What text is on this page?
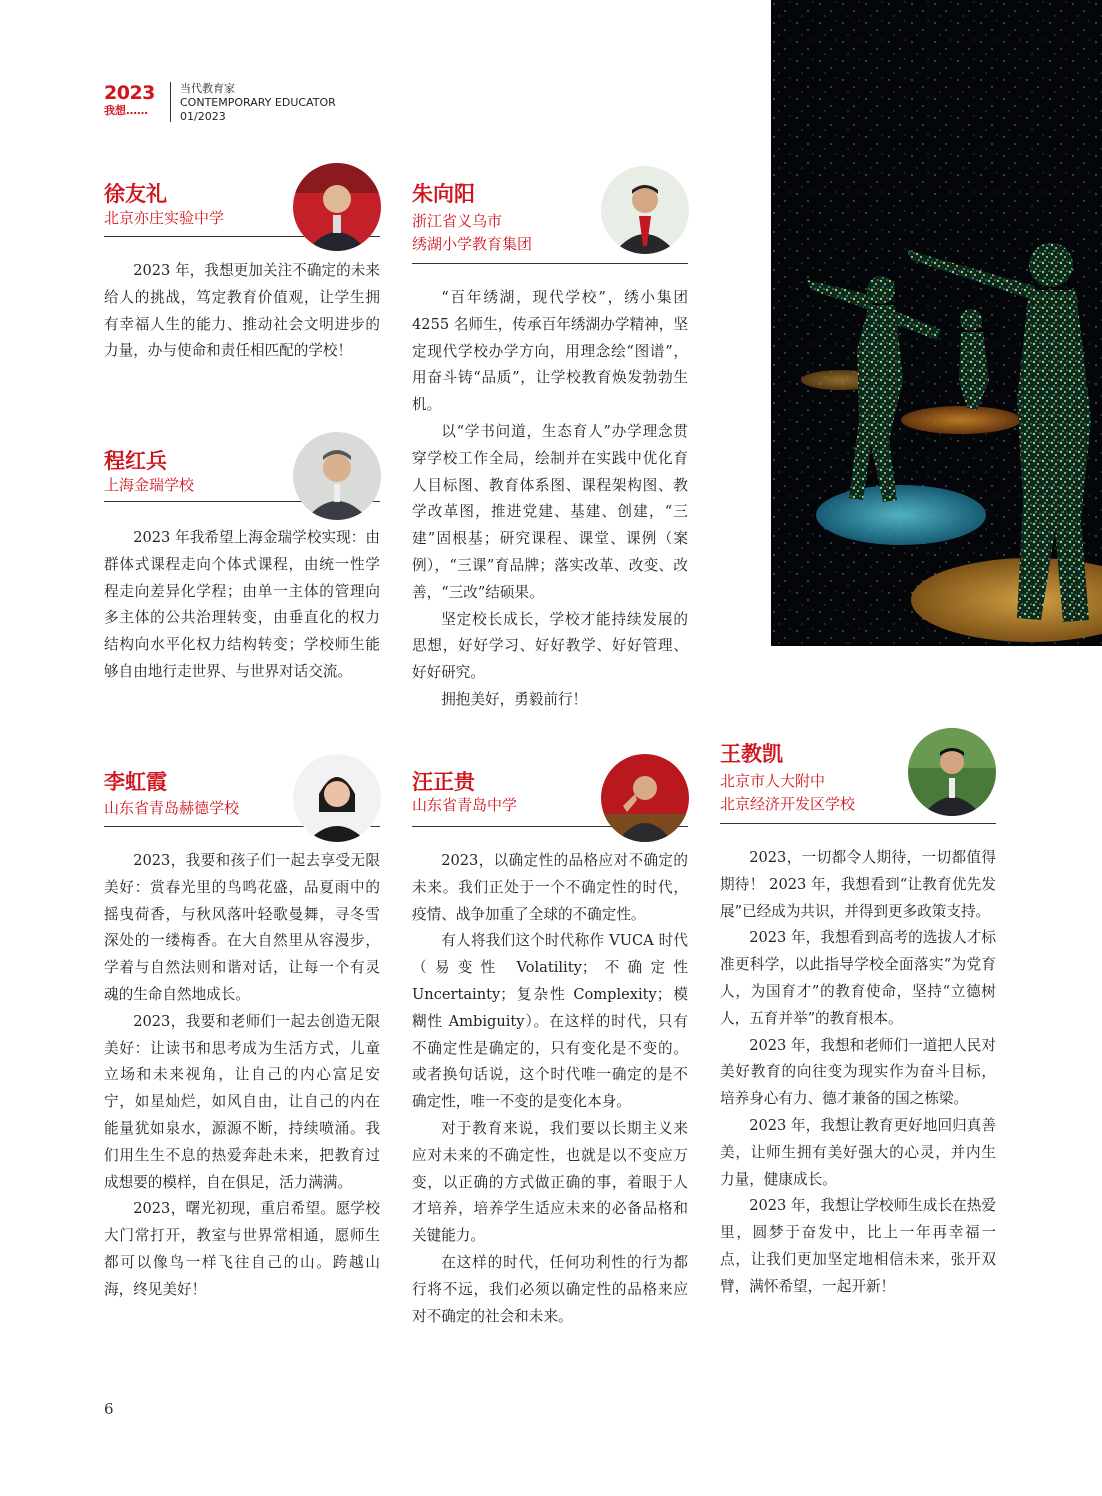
2023
我想……
当代教育家
CONTEMPORARY EDUCATOR
01/2023
徐友礼
北京亦庄实验中学

2023 年，我想更加关注不确定的未来给人的挑战，笃定教育价值观，让学生拥有幸福人生的能力、推动社会文明进步的力量，办与使命和责任相匹配的学校！

程红兵
上海金瑞学校

2023 年我希望上海金瑞学校实现：由群体式课程走向个体式课程，由统一性学程走向差异化学程；由单一主体的管理向多主体的公共治理转变，由垂直化的权力结构向水平化权力结构转变；学校师生能够自由地行走世界、与世界对话交流。

朱向阳
浙江省义乌市
绣湖小学教育集团

“百年绣湖，现代学校”，绣小集团 4255 名师生，传承百年绣湖办学精神，坚定现代学校办学方向，用理念绘“图谱”，用奋斗铸“品质”，让学校教育焕发勃勃生机。

以“学书问道，生态育人”办学理念贯穿学校工作全局，绘制并在实践中优化育人目标图、教育体系图、课程架构图、教学改革图，推进党建、基建、创建，“三建”固根基；研究课程、课堂、课例（案例），“三课”育品牌；落实改革、改变、改善，“三改”结硕果。

坚定校长成长，学校才能持续发展的思想，好好学习、好好教学、好好管理、好好研究。

拥抱美好，勇毅前行！

李虹霞
山东省青岛赫德学校

2023，我要和孩子们一起去享受无限美好：赏春光里的鸟鸣花盛，品夏雨中的摇曳荷香，与秋风落叶轻歌曼舞，寻冬雪深处的一缕梅香。在大自然里从容漫步，学着与自然法则和谐对话，让每一个有灵魂的生命自然地成长。

2023，我要和老师们一起去创造无限美好：让读书和思考成为生活方式，儿童立场和未来视角，让自己的内心富足安宁，如星灿烂，如风自由，让自己的内在能量犹如泉水，源源不断，持续喷涌。我们用生生不息的热爱奔赴未来，把教育过成想要的模样，自在俱足，活力满满。

2023，曙光初现，重启希望。愿学校大门常打开，教室与世界常相通，愿师生都可以像鸟一样飞往自己的山。跨越山海，终见美好！

汪正贵
山东省青岛中学

2023，以确定性的品格应对不确定的未来。我们正处于一个不确定性的时代，疫情、战争加重了全球的不确定性。

有人将我们这个时代称作 VUCA 时代（易变性 Volatility；不确定性 Uncertainty；复杂性 Complexity；模糊性 Ambiguity）。在这样的时代，只有不确定性是确定的，只有变化是不变的。或者换句话说，这个时代唯一确定的是不确定性，唯一不变的是变化本身。

对于教育来说，我们要以长期主义来应对未来的不确定性，也就是以不变应万变，以正确的方式做正确的事，着眼于人才培养，培养学生适应未来的必备品格和关键能力。

在这样的时代，任何功利性的行为都行将不远，我们必须以确定性的品格来应对不确定的社会和未来。

王教凯
北京市人大附中
北京经济开发区学校

2023，一切都令人期待，一切都值得期待！ 2023 年，我想看到“让教育优先发展”已经成为共识，并得到更多政策支持。

2023 年，我想看到高考的选拔人才标准更科学，以此指导学校全面落实“为党育人，为国育才”的教育使命，坚持“立德树人，五育并举”的教育根本。

2023 年，我想和老师们一道把人民对美好教育的向往变为现实作为奋斗目标，培养身心有力、德才兼备的国之栋梁。

2023 年，我想让教育更好地回归真善美，让师生拥有美好强大的心灵，并内生力量，健康成长。

2023 年，我想让学校师生成长在热爱里，圆梦于奋发中，比上一年再幸福一点，让我们更加坚定地相信未来，张开双臂，满怀希望，一起开新！

6
